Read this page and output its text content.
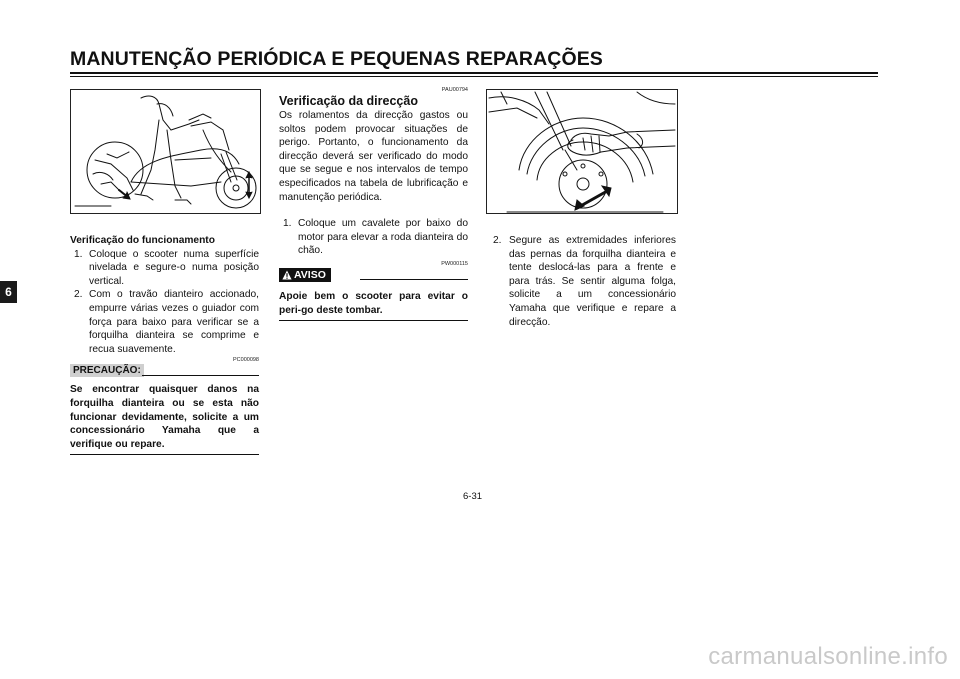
MANUTENÇÃO PERIÓDICA E PEQUENAS REPARAÇÕES
6

Verificação do funcionamento

1. Coloque o scooter numa superfície nivelada e segure-o numa posição vertical.
2. Com o travão dianteiro accionado, empurre várias vezes o guiador com força para baixo para verificar se a forquilha dianteira se comprime e recua suavemente.
PC000098
PRECAUÇÃO:

Se encontrar quaisquer danos na forquilha dianteira ou se esta não funcionar devidamente, solicite a um concessionário Yamaha que a verifique ou repare.

PAU00794

Verificação da direcção

Os rolamentos da direcção gastos ou soltos podem provocar situações de perigo. Portanto, o funcionamento da direcção deverá ser verificado do modo que se segue e nos intervalos de tempo especificados na tabela de lubrificação e manutenção periódica.

1. Coloque um cavalete por baixo do motor para elevar a roda dianteira do chão.
PW000115
AVISO

Apoie bem o scooter para evitar o peri-go deste tombar.

2. Segure as extremidades inferiores das pernas da forquilha dianteira e tente deslocá-las para a frente e para trás. Se sentir alguma folga, solicite a um concessionário Yamaha que verifique e repare a direcção.
6-31
carmanualsonline.info
